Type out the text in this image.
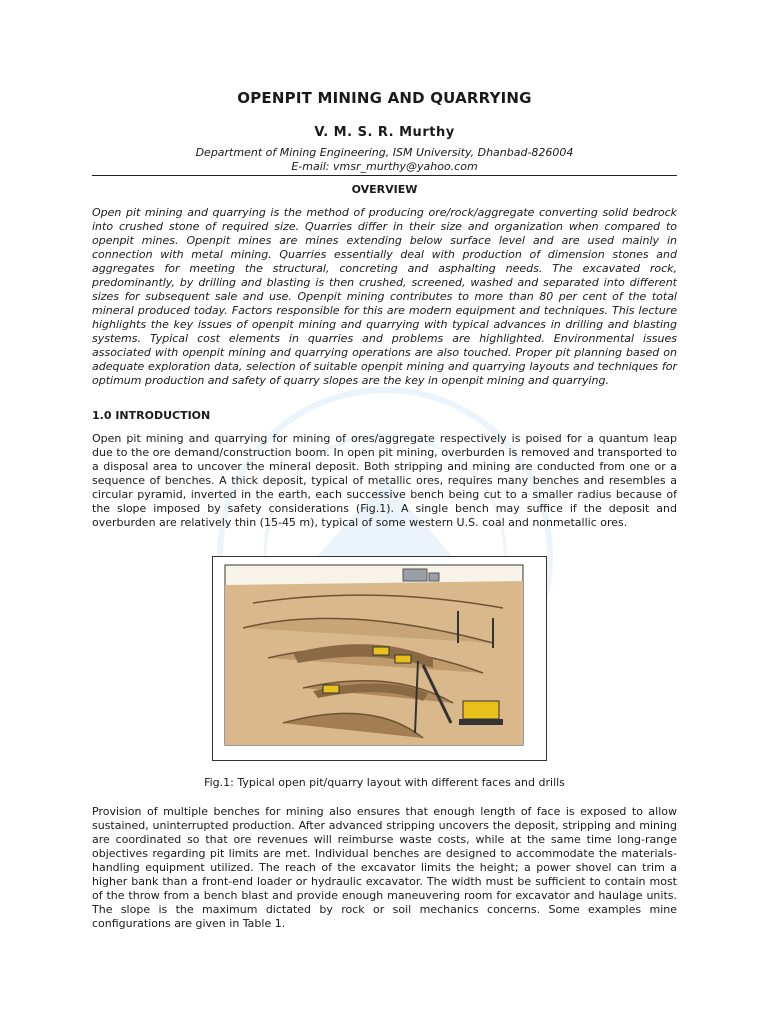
OPENPIT MINING AND QUARRYING
V. M. S. R. Murthy
Department of Mining Engineering, ISM University, Dhanbad-826004
E-mail: vmsr_murthy@yahoo.com
OVERVIEW

Open pit mining and quarrying is the method of producing ore/rock/aggregate converting solid bedrock into crushed stone of required size. Quarries differ in their size and organization when compared to openpit mines. Openpit mines are mines extending below surface level and are used mainly in connection with metal mining. Quarries essentially deal with production of dimension stones and aggregates for meeting the structural, concreting and asphalting needs. The excavated rock, predominantly, by drilling and blasting is then crushed, screened, washed and separated into different sizes for subsequent sale and use. Openpit mining contributes to more than 80 per cent of the total mineral produced today. Factors responsible for this are modern equipment and techniques. This lecture highlights the key issues of openpit mining and quarrying with typical advances in drilling and blasting systems. Typical cost elements in quarries and problems are highlighted. Environmental issues associated with openpit mining and quarrying operations are also touched. Proper pit planning based on adequate exploration data, selection of suitable openpit mining and quarrying layouts and techniques for optimum production and safety of quarry slopes are the key in openpit mining and quarrying.

1.0 INTRODUCTION

Open pit mining and quarrying for mining of ores/aggregate respectively is poised for a quantum leap due to the ore demand/construction boom. In open pit mining, overburden is removed and transported to a disposal area to uncover the mineral deposit. Both stripping and mining are conducted from one or a sequence of benches. A thick deposit, typical of metallic ores, requires many benches and resembles a circular pyramid, inverted in the earth, each successive bench being cut to a smaller radius because of the slope imposed by safety considerations (Fig.1). A single bench may suffice if the deposit and overburden are relatively thin (15-45 m), typical of some western U.S. coal and nonmetallic ores.

Fig.1: Typical open pit/quarry layout with different faces and drills

Provision of multiple benches for mining also ensures that enough length of face is exposed to allow sustained, uninterrupted production. After advanced stripping uncovers the deposit, stripping and mining are coordinated so that ore revenues will reimburse waste costs, while at the same time long-range objectives regarding pit limits are met. Individual benches are designed to accommodate the materials-handling equipment utilized. The reach of the excavator limits the height; a power shovel can trim a higher bank than a front-end loader or hydraulic excavator. The width must be sufficient to contain most of the throw from a bench blast and provide enough maneuvering room for excavator and haulage units. The slope is the maximum dictated by rock or soil mechanics concerns. Some examples mine configurations are given in Table 1.
